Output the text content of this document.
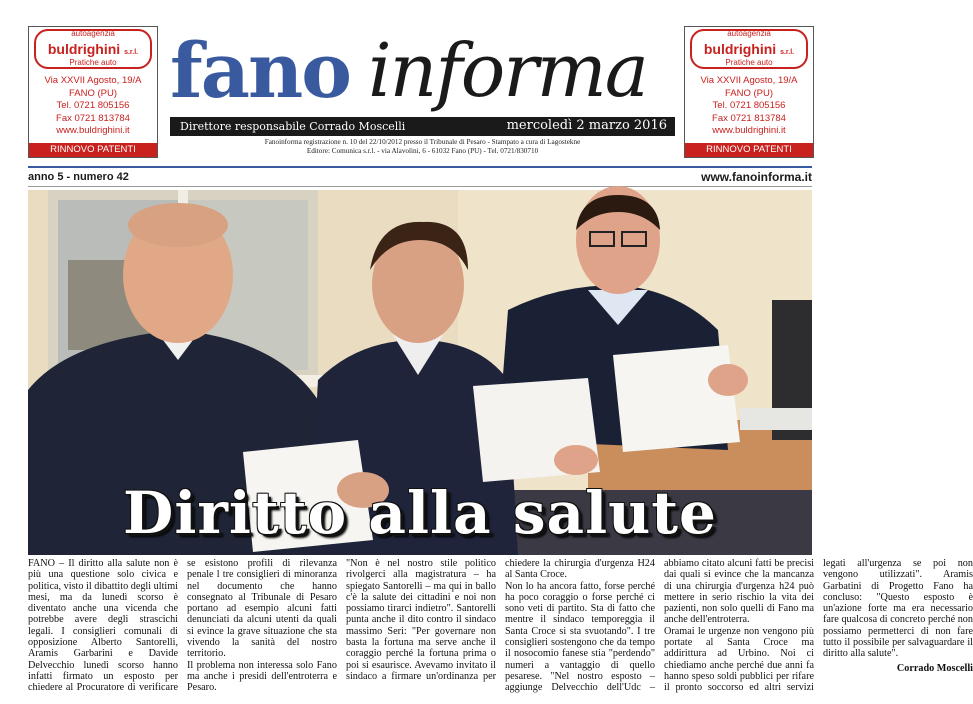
autoagenzia
buldrighini s.r.l.
Pratiche auto
Via XXVII Agosto, 19/A
FANO (PU)
Tel. 0721 805156
Fax 0721 813784
www.buldrighini.it
RINNOVO PATENTI
autoagenzia
buldrighini s.r.l.
Pratiche auto
Via XXVII Agosto, 19/A
FANO (PU)
Tel. 0721 805156
Fax 0721 813784
www.buldrighini.it
RINNOVO PATENTI
fano informa
Direttore responsabile Corrado Moscelli	mercoledì 2 marzo 2016
Fanoinforma registrazione n. 10 del 22/10/2012 presso il Tribunale di Pesaro - Stampato a cura di Lagostekne
Editore: Comunica s.r.l. - via Alavolini, 6 - 61032 Fano (PU) - Tel. 0721/830710
anno 5 - numero 42	www.fanoinforma.it
Diritto alla salute

FANO – Il diritto alla salute non è più una questione solo civica e politica, visto il dibattito degli ultimi mesi, ma da lunedì scorso è diventato anche una vicenda che potrebbe avere degli strascichi legali. I consiglieri comunali di opposizione Alberto Santorelli, Aramis Garbarini e Davide Delvecchio lunedì scorso hanno infatti firmato un esposto per chiedere al Procuratore di verificare se esistono profili di rilevanza penale l tre consiglieri di minoranza nel documento che hanno consegnato al Tribunale di Pesaro portano ad esempio alcuni fatti denunciati da alcuni utenti da quali si evince la grave situazione che sta vivendo la sanità del nostro territorio.

Il problema non interessa solo Fano ma anche i presidi dell'entroterra e Pesaro.

"Non è nel nostro stile politico rivolgerci alla magistratura – ha spiegato Santorelli – ma qui in ballo c'è la salute dei cittadini e noi non possiamo tirarci indietro". Santorelli punta anche il dito contro il sindaco massimo Seri: "Per governare non basta la fortuna ma serve anche il coraggio perché la fortuna prima o poi si esaurisce. Avevamo invitato il sindaco a firmare un'ordinanza per chiedere la chirurgia d'urgenza H24 al Santa Croce.

Non lo ha ancora fatto, forse perché ha poco coraggio o forse perché ci sono veti di partito. Sta di fatto che mentre il sindaco temporeggia il Santa Croce si sta svuotando". I tre consiglieri sostengono che da tempo il nosocomio fanese stia "perdendo" numeri a vantaggio di quello pesarese. "Nel nostro esposto – aggiunge Delvecchio dell'Udc – abbiamo citato alcuni fatti be precisi dai quali si evince che la mancanza di una chirurgia d'urgenza h24 può mettere in serio rischio la vita dei pazienti, non solo quelli di Fano ma anche dell'entroterra.

Oramai le urgenze non vengono più portate al Santa Croce ma addirittura ad Urbino. Noi ci chiediamo anche perché due anni fa hanno speso soldi pubblici per rifare il pronto soccorso ed altri servizi legati all'urgenza se poi non vengono utilizzati". Aramis Garbatini di Progetto Fano ha concluso: "Questo esposto è un'azione forte ma era necessario fare qualcosa di concreto perché non possiamo permetterci di non fare tutto il possibile per salvaguardare il diritto alla salute".

Corrado Moscelli
